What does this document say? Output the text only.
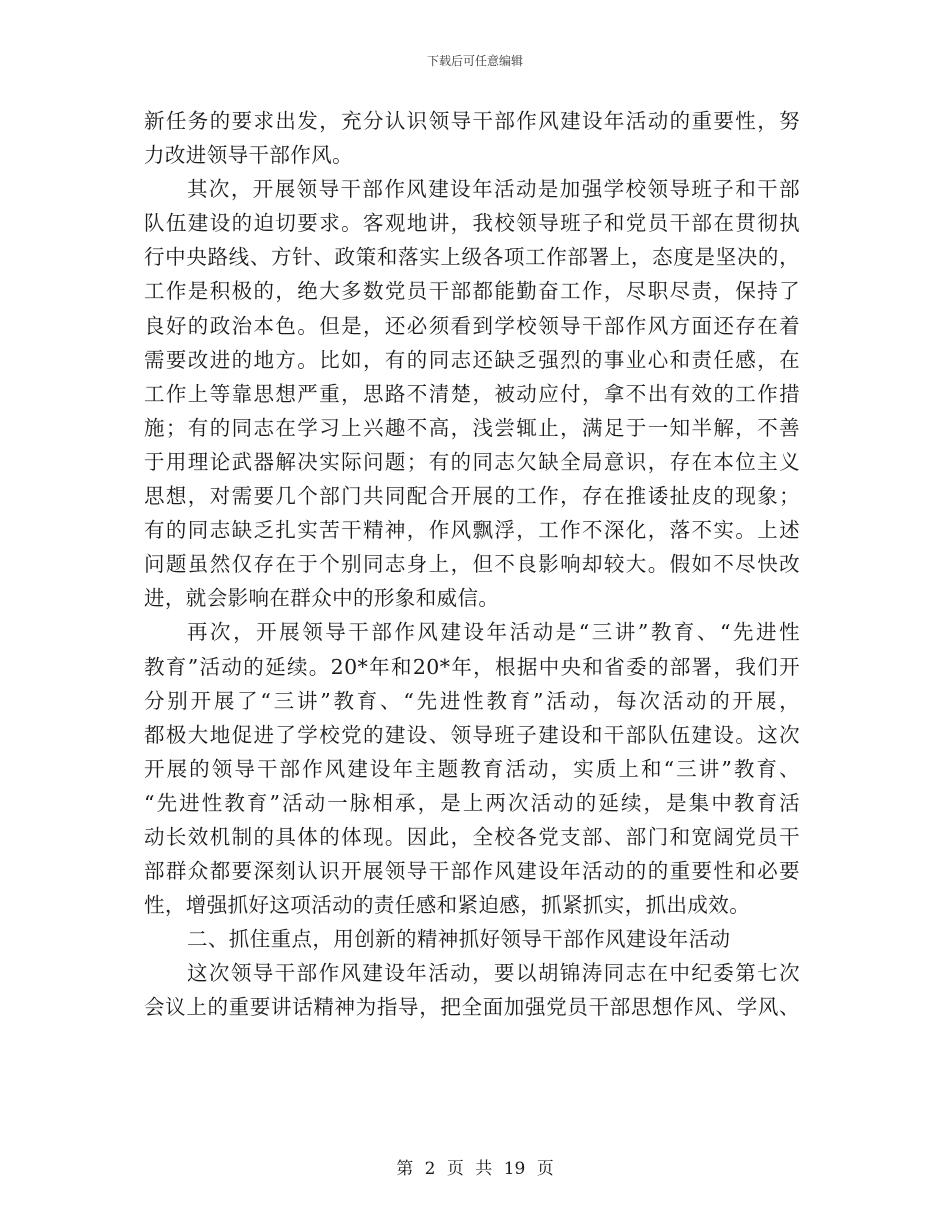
下载后可任意编辑
新任务的要求出发，充分认识领导干部作风建设年活动的重要性，努
力改进领导干部作风。
其次，开展领导干部作风建设年活动是加强学校领导班子和干部
队伍建设的迫切要求。客观地讲，我校领导班子和党员干部在贯彻执
行中央路线、方针、政策和落实上级各项工作部署上，态度是坚决的，
工作是积极的，绝大多数党员干部都能勤奋工作，尽职尽责，保持了
良好的政治本色。但是，还必须看到学校领导干部作风方面还存在着
需要改进的地方。比如，有的同志还缺乏强烈的事业心和责任感，在
工作上等靠思想严重，思路不清楚，被动应付，拿不出有效的工作措
施；有的同志在学习上兴趣不高，浅尝辄止，满足于一知半解，不善
于用理论武器解决实际问题；有的同志欠缺全局意识，存在本位主义
思想，对需要几个部门共同配合开展的工作，存在推诿扯皮的现象；
有的同志缺乏扎实苦干精神，作风飘浮，工作不深化，落不实。上述
问题虽然仅存在于个别同志身上，但不良影响却较大。假如不尽快改
进，就会影响在群众中的形象和威信。
再次，开展领导干部作风建设年活动是“三讲”教育、“先进性
教育”活动的延续。20*年和20*年，根据中央和省委的部署，我们开
分别开展了“三讲”教育、“先进性教育”活动，每次活动的开展，
都极大地促进了学校党的建设、领导班子建设和干部队伍建设。这次
开展的领导干部作风建设年主题教育活动，实质上和“三讲”教育、
“先进性教育”活动一脉相承，是上两次活动的延续，是集中教育活
动长效机制的具体的体现。因此，全校各党支部、部门和宽阔党员干
部群众都要深刻认识开展领导干部作风建设年活动的的重要性和必要
性，增强抓好这项活动的责任感和紧迫感，抓紧抓实，抓出成效。
二、抓住重点，用创新的精神抓好领导干部作风建设年活动
这次领导干部作风建设年活动，要以胡锦涛同志在中纪委第七次
会议上的重要讲话精神为指导，把全面加强党员干部思想作风、学风、
第 2 页 共 19 页
